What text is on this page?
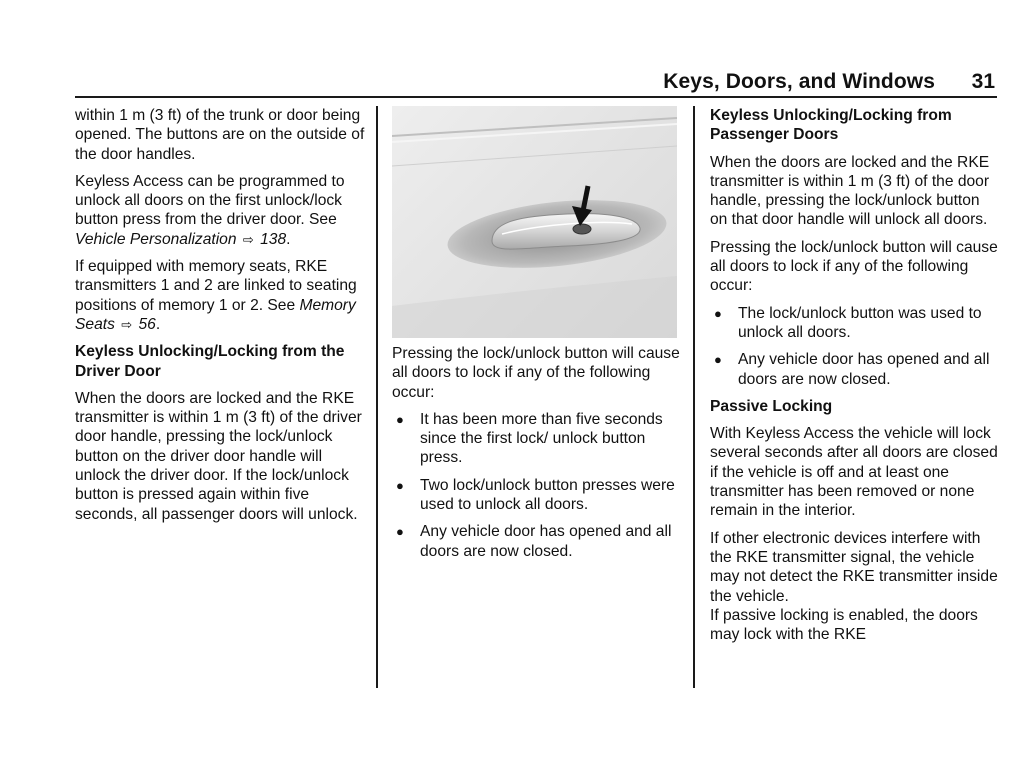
Keys, Doors, and Windows 31

within 1 m (3 ft) of the trunk or door being opened. The buttons are on the outside of the door handles.

Keyless Access can be programmed to unlock all doors on the first unlock/lock button press from the driver door. See Vehicle Personalization ⇨ 138.

If equipped with memory seats, RKE transmitters 1 and 2 are linked to seating positions of memory 1 or 2. See Memory Seats ⇨ 56.

Keyless Unlocking/Locking from the Driver Door

When the doors are locked and the RKE transmitter is within 1 m (3 ft) of the driver door handle, pressing the lock/unlock button on the driver door handle will unlock the driver door. If the lock/unlock button is pressed again within five seconds, all passenger doors will unlock.

Pressing the lock/unlock button will cause all doors to lock if any of the following occur:

● It has been more than five seconds since the first lock/ unlock button press.
● Two lock/unlock button presses were used to unlock all doors.
● Any vehicle door has opened and all doors are now closed.
Keyless Unlocking/Locking from Passenger Doors

When the doors are locked and the RKE transmitter is within 1 m (3 ft) of the door handle, pressing the lock/unlock button on that door handle will unlock all doors.

Pressing the lock/unlock button will cause all doors to lock if any of the following occur:

● The lock/unlock button was used to unlock all doors.
● Any vehicle door has opened and all doors are now closed.
Passive Locking

With Keyless Access the vehicle will lock several seconds after all doors are closed if the vehicle is off and at least one transmitter has been removed or none remain in the interior.

If other electronic devices interfere with the RKE transmitter signal, the vehicle may not detect the RKE transmitter inside the vehicle.

If passive locking is enabled, the doors may lock with the RKE
